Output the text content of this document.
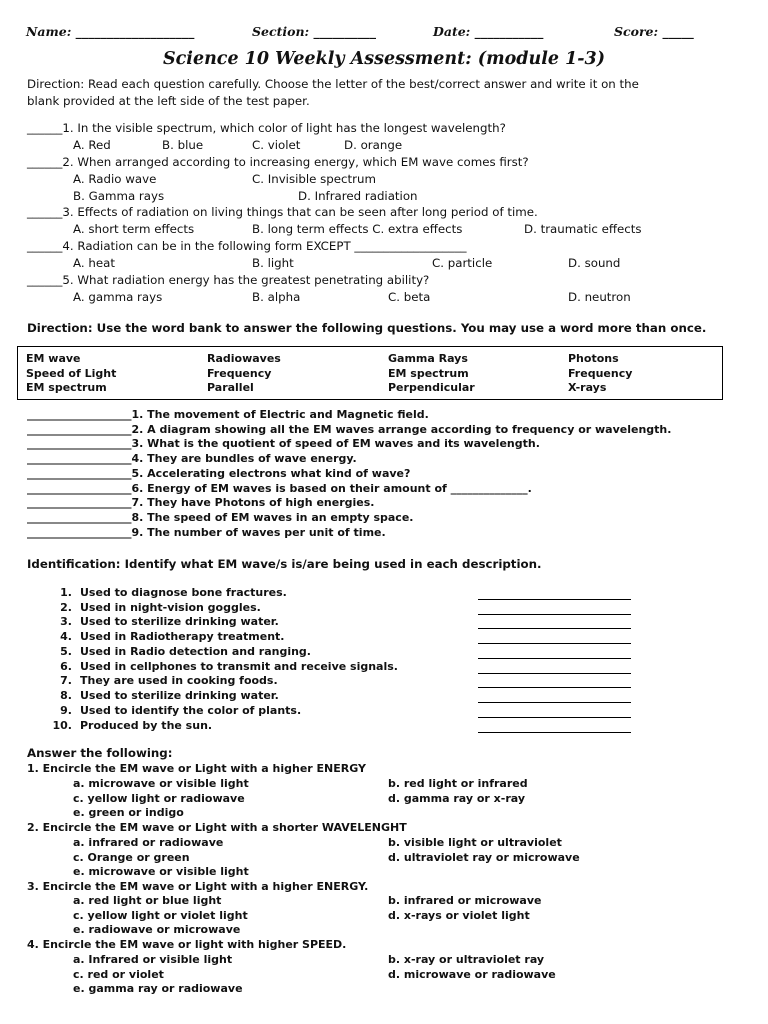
Name: ___________________	Section: __________	Date: ___________	Score: _____
Science 10 Weekly Assessment: (module 1-3)
Direction: Read each question carefully. Choose the letter of the best/correct answer and write it on the
blank provided at the left side of the test paper.
______1. In the visible spectrum, which color of light has the longest wavelength?
A. Red	B. blue	C. violet	D. orange
______2. When arranged according to increasing energy, which EM wave comes first?
A. Radio wave	C. Invisible spectrum
B. Gamma rays	D. Infrared radiation
______3. Effects of radiation on living things that can be seen after long period of time.
A. short term effects	B. long term effects C. extra effects	D. traumatic effects
______4. Radiation can be in the following form EXCEPT ___________________
A. heat	B. light	C. particle	D. sound
______5. What radiation energy has the greatest penetrating ability?
A. gamma rays	B. alpha	C. beta	D. neutron
Direction: Use the word bank to answer the following questions. You may use a word more than once.
EM wave	Radiowaves	Gamma Rays	Photons
Speed of Light	Frequency	EM spectrum	Frequency
EM spectrum	Parallel	Perpendicular	X-rays
___________________1. The movement of Electric and Magnetic field.
___________________2. A diagram showing all the EM waves arrange according to frequency or wavelength.
___________________3. What is the quotient of speed of EM waves and its wavelength.
___________________4. They are bundles of wave energy.
___________________5. Accelerating electrons what kind of wave?
___________________6. Energy of EM waves is based on their amount of ______________.
___________________7. They have Photons of high energies.
___________________8. The speed of EM waves in an empty space.
___________________9. The number of waves per unit of time.
Identification: Identify what EM wave/s is/are being used in each description.
1. Used to diagnose bone fractures.
2. Used in night-vision goggles.
3. Used to sterilize drinking water.
4. Used in Radiotherapy treatment.
5. Used in Radio detection and ranging.
6. Used in cellphones to transmit and receive signals.
7. They are used in cooking foods.
8. Used to sterilize drinking water.
9. Used to identify the color of plants.
10. Produced by the sun.
Answer the following:
1. Encircle the EM wave or Light with a higher ENERGY
a. microwave or visible light	b. red light or infrared
c. yellow light or radiowave	d. gamma ray or x-ray
e. green or indigo
2. Encircle the EM wave or Light with a shorter WAVELENGHT
a. infrared or radiowave	b. visible light or ultraviolet
c. Orange or green	d. ultraviolet ray or microwave
e. microwave or visible light
3. Encircle the EM wave or Light with a higher ENERGY.
a. red light or blue light	b. infrared or microwave
c. yellow light or violet light	d. x-rays or violet light
e. radiowave or microwave
4. Encircle the EM wave or light with higher SPEED.
a. Infrared or visible light	b. x-ray or ultraviolet ray
c. red or violet	d. microwave or radiowave
e. gamma ray or radiowave
